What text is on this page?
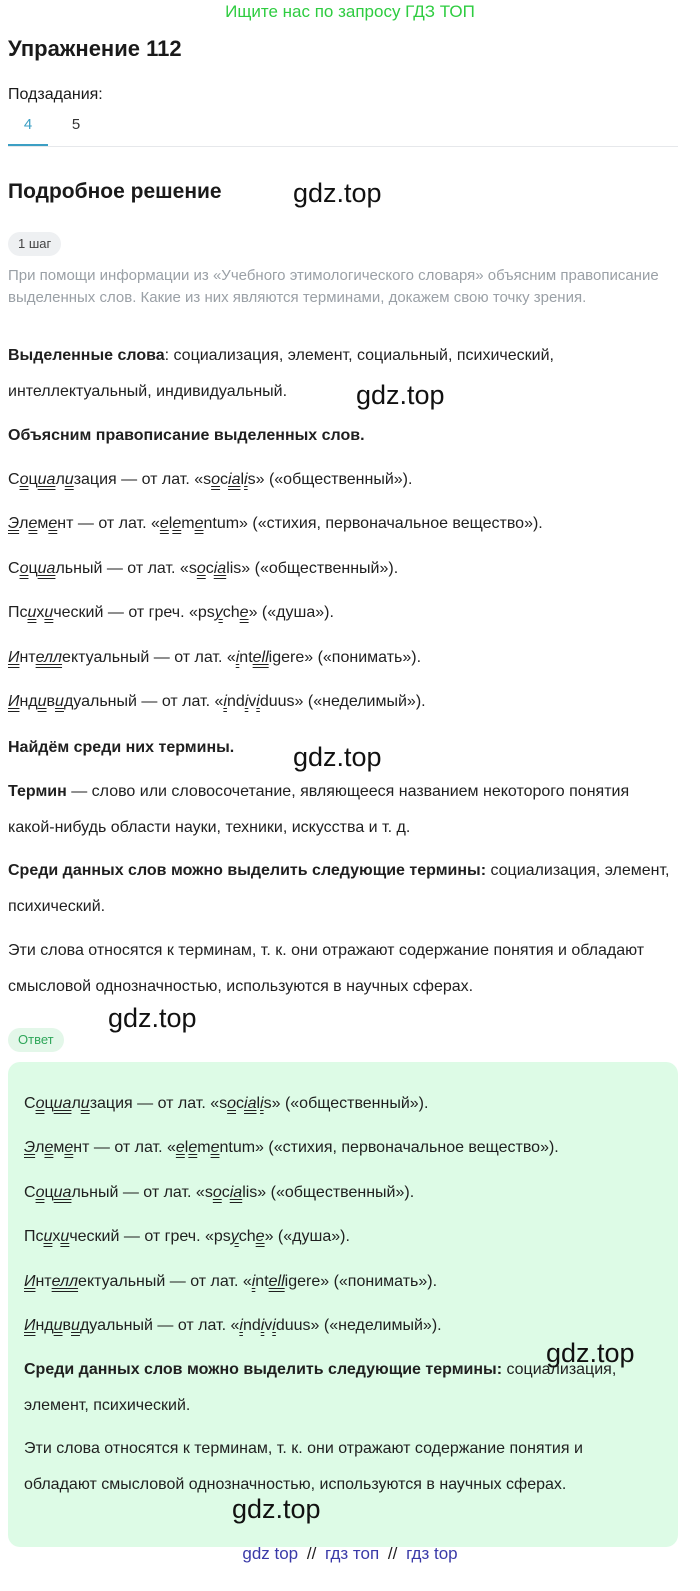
Ищите нас по запросу ГДЗ ТОП
Упражнение 112
Подзадания:
4	5
Подробное решение	gdz.top
1 шаг
При помощи информации из «Учебного этимологического словаря» объясним правописание выделенных слов. Какие из них являются терминами, докажем свою точку зрения.
Выделенные слова: социализация, элемент, социальный, психический, интеллектуальный, индивидуальный.	gdz.top
Объясним правописание выделенных слов.
Социализация — от лат. «socialis» («общественный»).
Элемент — от лат. «elementum» («стихия, первоначальное вещество»).
Социальный — от лат. «socialis» («общественный»).
Психический — от греч. «psyche» («душа»).
Интеллектуальный — от лат. «intelligere» («понимать»).
Индивидуальный — от лат. «individuus» («неделимый»).
Найдём среди них термины.	gdz.top
Термин — слово или словосочетание, являющееся названием некоторого понятия какой-нибудь области науки, техники, искусства и т. д.
Среди данных слов можно выделить следующие термины: социализация, элемент, психический.
Эти слова относятся к терминам, т. к. они отражают содержание понятия и обладают смысловой однозначностью, используются в научных сферах.
gdz.top
Ответ
Социализация — от лат. «socialis» («общественный»).
Элемент — от лат. «elementum» («стихия, первоначальное вещество»).
Социальный — от лат. «socialis» («общественный»).
Психический — от греч. «psyche» («душа»).
Интеллектуальный — от лат. «intelligere» («понимать»).
Индивидуальный — от лат. «individuus» («неделимый»).
Среди данных слов можно выделить следующие термины: социализация, элемент, психический.
gdz.top
Эти слова относятся к терминам, т. к. они отражают содержание понятия и обладают смысловой однозначностью, используются в научных сферах.
gdz.top
gdz top // гдз топ // гдз top
